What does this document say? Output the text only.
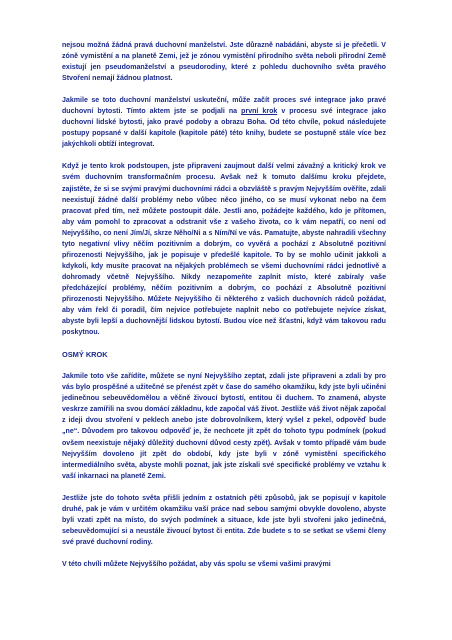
nejsou možná žádná pravá duchovní manželství. Jste důrazně nabádáni, abyste si je přečetli. V zóně vymistění a na planetě Zemi, jež je zónou vymistění přirodního světa neboli přirodní Země existují jen pseudomanželství a pseudorodiny, které z pohledu duchovního světa pravého Stvoření nemají žádnou platnost.

Jakmile se toto duchovní manželství uskuteční, může začít proces své integrace jako pravé duchovní bytosti. Tímto aktem jste se podjali na první krok v procesu své integrace jako duchovní lidské bytosti, jako pravé podoby a obrazu Boha. Od této chvíle, pokud následujete postupy popsané v další kapitole (kapitole páté) této knihy, budete se postupně stále více bez jakýchkoli obtíží integrovat.

Když je tento krok podstoupen, jste připraveni zaujmout další velmi závažný a kritický krok ve svém duchovním transformačním procesu. Avšak než k tomuto dalšímu kroku přejdete, zajistěte, že si se svými pravými duchovními rádci a obzvláště s pravým Nejvyšším ověříte, zdali neexistují žádné další problémy nebo vůbec něco jiného, co se musí vykonat nebo na čem pracovat před tím, než můžete postoupit dále. Jestli ano, požádejte každého, kdo je přítomen, aby vám pomohl to zpracovat a odstranit vše z vašeho života, co k vám nepatří, co není od Nejvyššího, co není Jím/Jí, skrze Něho/Ni a s Ním/Ní ve vás. Pamatujte, abyste nahradili všechny tyto negativní vlivy něčím pozitivním a dobrým, co vyvěrá a pochází z Absolutně pozitivní přirozenosti Nejvyššího, jak je popisuje v předešlé kapitole. To by se mohlo učinit jakkoli a kdykoli, kdy musíte pracovat na nějakých problémech se všemi duchovními rádci jednotlivě a dohromady včetně Nejvyššího. Nikdy nezapomeňte zaplnit místo, které zabíraly vaše předcházející problémy, něčím pozitivním a dobrým, co pochází z Absolutně pozitivní přirozenosti Nejvyššího. Můžete Nejvyššího či některého z vašich duchovních rádců požádat, aby vám řekl či poradil, čím nejvíce potřebujete naplnit nebo co potřebujete nejvíce získat, abyste byli lepší a duchovnější lidskou bytostí. Budou více než šťastni, když vám takovou radu poskytnou.

OSMÝ KROK

Jakmile toto vše zařídíte, můžete se nyní Nejvyššího zeptat, zdali jste připraveni a zdali by pro vás bylo prospěšné a užitečné se přenést zpět v čase do samého okamžiku, kdy jste byli učiněni jedinečnou sebeuvědomělou a věčně živoucí bytostí, entitou či duchem. To znamená, abyste veskrze zamířili na svou domácí základnu, kde započal váš život. Jestliže váš život nějak započal z ideji dvou stvoření v peklech anebo jste dobrovolníkem, který vyšel z pekel, odpověď bude „ne“. Důvodem pro takovou odpověď je, že nechcete jít zpět do tohoto typu podmínek (pokud ovšem neexistuje nějaký důležitý duchovní důvod cesty zpět). Avšak v tomto případě vám bude Nejvyšším dovoleno jít zpět do období, kdy jste byli v zóně vymistění specifického intermediálního světa, abyste mohli poznat, jak jste získali své specifické problémy ve vztahu k vaší inkarnaci na planetě Zemi.

Jestliže jste do tohoto světa přišli jedním z ostatních pěti způsobů, jak se popisují v kapitole druhé, pak je vám v určitém okamžiku vaší práce nad sebou samými obvykle dovoleno, abyste byli vzati zpět na místo, do svých podmínek a situace, kde jste byli stvořeni jako jedinečná, sebeuvědomující si a neustále živoucí bytost či entita. Zde budete s to se setkat se všemi členy své pravé duchovní rodiny.

V této chvíli můžete Nejvyššího požádat, aby vás spolu se všemi vašimi pravými
